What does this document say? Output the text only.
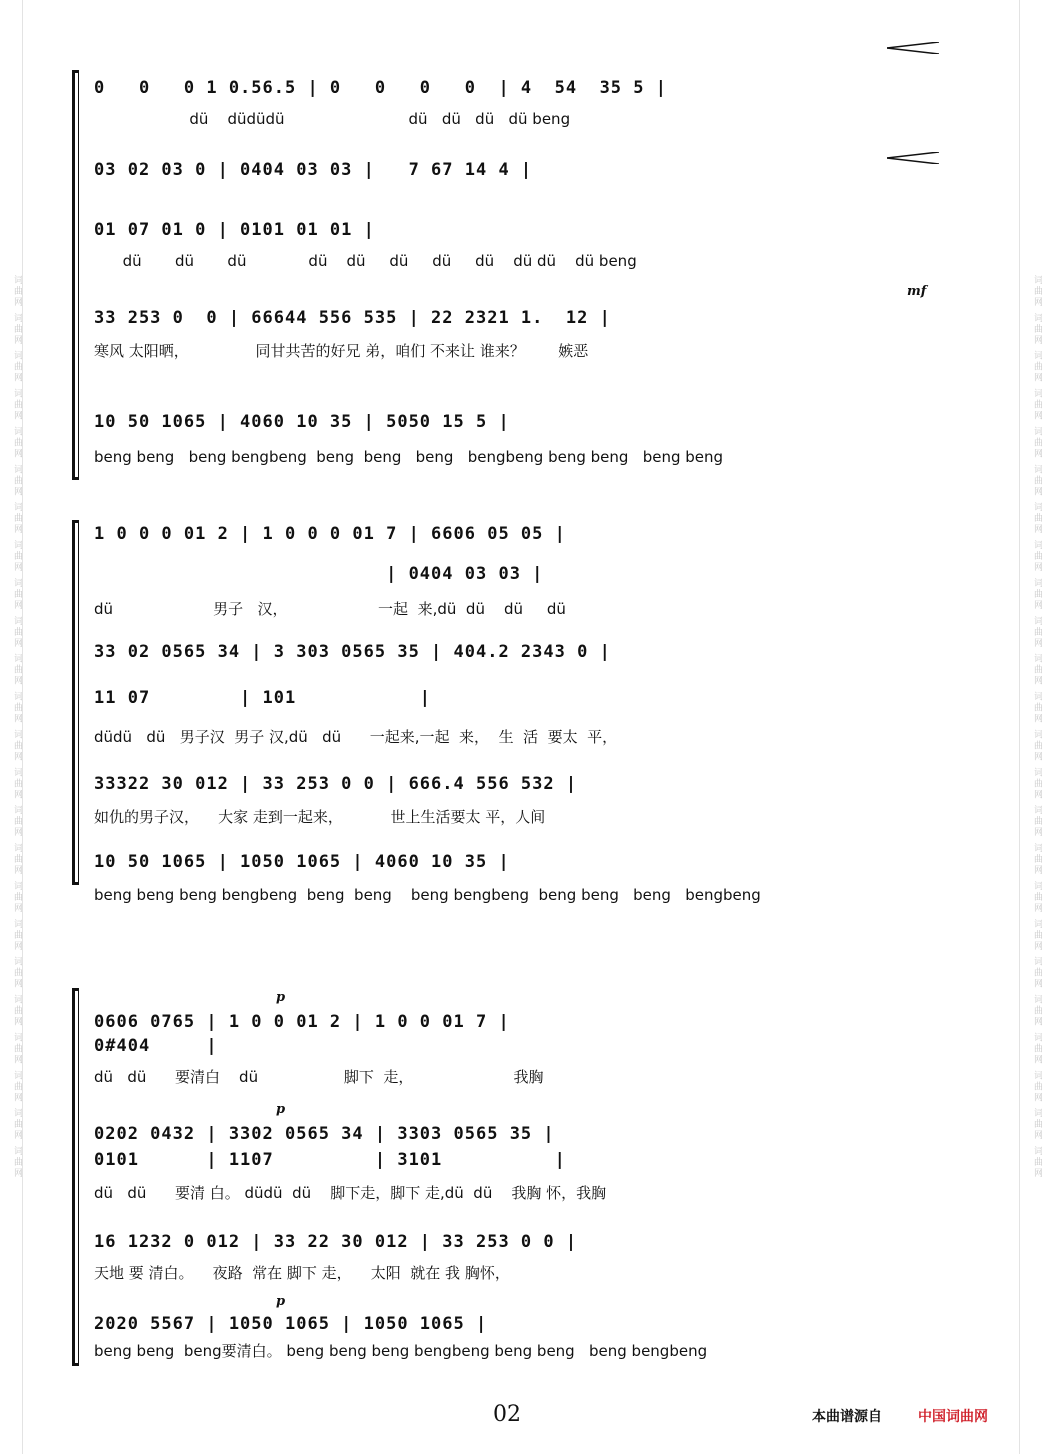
词曲网 词曲网 词曲网 词曲网 词曲网 词曲网 词曲网 词曲网 词曲网 词曲网 词曲网 词曲网 词曲网 词曲网 词曲网 词曲网 词曲网 词曲网 词曲网 词曲网 词曲网 词曲网 词曲网 词曲网
词曲网 词曲网 词曲网 词曲网 词曲网 词曲网 词曲网 词曲网 词曲网 词曲网 词曲网 词曲网 词曲网 词曲网 词曲网 词曲网 词曲网 词曲网 词曲网 词曲网 词曲网 词曲网 词曲网 词曲网
mf
0   0   0 1 0.56.5 | 0   0   0   0  | 4  54  35 5 |
dü    düdüdü                          dü   dü   dü   dü beng
03 02 03 0 | 0404 03 03 |   7 67 14 4 |
01 07 01 0 | 0101 01 01 |
dü       dü       dü             dü    dü     dü     dü     dü    dü dü    dü beng
33 253 0  0 | 66644 556 535 | 22 2321 1.  12 |
寒风 太阳晒，              同甘共苦的好兄 弟，咱们 不来让 谁来？       嫉恶
10 50 1065 | 4060 10 35 | 5050 15 5 |
beng beng   beng bengbeng  beng  beng   beng   bengbeng beng beng   beng beng
1 0 0 0 01 2 | 1 0 0 0 01 7 | 6606 05 05 |
| 0404 03 03 |
dü                     男子   汉，                   一起  来,dü  dü    dü     dü
33 02 0565 34 | 3 303 0565 35 | 404.2 2343 0 |
11 07        | 101           |
düdü   dü   男子汉  男子 汉,dü   dü      一起来,一起  来，  生  活  要太  平，
33322 30 012 | 33 253 0 0 | 666.4 556 532 |
如仇的男子汉，    大家 走到一起来，          世上生活要太 平，人间
10 50 1065 | 1050 1065 | 4060 10 35 |
beng beng beng bengbeng  beng  beng    beng bengbeng  beng beng   beng   bengbeng
p
p
p
0606 0765 | 1 0 0 01 2 | 1 0 0 01 7 |
0#404     |
dü   dü      要清白    dü                  脚下  走，                     我胸
0202 0432 | 3302 0565 34 | 3303 0565 35 |
0101      | 1107         | 3101          |
dü   dü      要清 白。 düdü  dü    脚下走，脚下 走,dü  dü    我胸 怀，我胸
16 1232 0 012 | 33 22 30 012 | 33 253 0 0 |
天地 要 清白。    夜路  常在 脚下 走，    太阳  就在 我 胸怀，
2020 5567 | 1050 1065 | 1050 1065 |
beng beng  beng要清白。 beng beng beng bengbeng beng beng   beng bengbeng
02	本曲谱源自	中国词曲网
